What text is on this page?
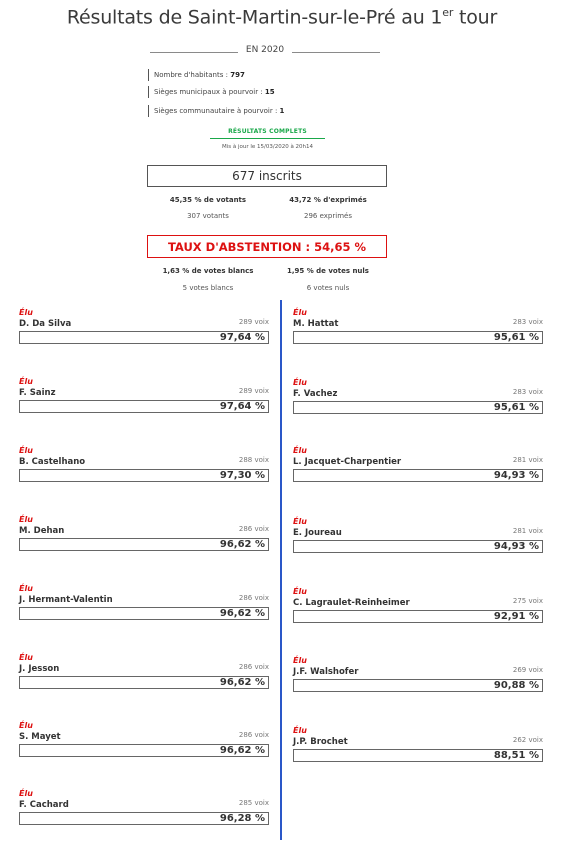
Résultats de Saint-Martin-sur-le-Pré au 1er tour
EN 2020
Nombre d'habitants : 797
Sièges municipaux à pourvoir : 15
Sièges communautaire à pourvoir : 1
RÉSULTATS COMPLETS
Mis à jour le 15/03/2020 à 20h14
677 inscrits
45,35 % de votants	43,72 % d'exprimés
307 votants	296 exprimés
TAUX D'ABSTENTION : 54,65 %
1,63 % de votes blancs	1,95 % de votes nuls
5 votes blancs	6 votes nuls
Élu
D. Da Silva	289 voix
97,64 %
Élu
F. Sainz	289 voix
97,64 %
Élu
B. Castelhano	288 voix
97,30 %
Élu
M. Dehan	286 voix
96,62 %
Élu
J. Hermant-Valentin	286 voix
96,62 %
Élu
J. Jesson	286 voix
96,62 %
Élu
S. Mayet	286 voix
96,62 %
Élu
F. Cachard	285 voix
96,28 %
Élu
M. Hattat	283 voix
95,61 %
Élu
F. Vachez	283 voix
95,61 %
Élu
L. Jacquet-Charpentier	281 voix
94,93 %
Élu
E. Joureau	281 voix
94,93 %
Élu
C. Lagraulet-Reinheimer	275 voix
92,91 %
Élu
J.F. Walshofer	269 voix
90,88 %
Élu
J.P. Brochet	262 voix
88,51 %
